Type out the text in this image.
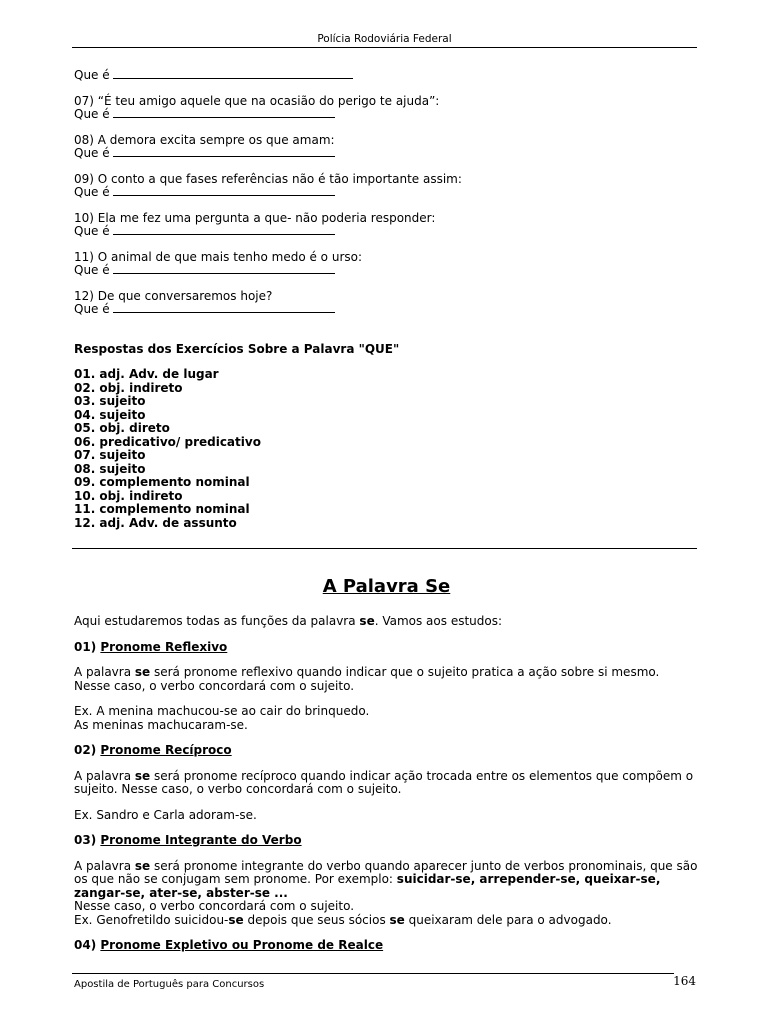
Polícia Rodoviária Federal

Que é

07) “É teu amigo aquele que na ocasião do perigo te ajuda”:
Que é

08) A demora excita sempre os que amam:
Que é

09) O conto a que fases referências não é tão importante assim:
Que é

10) Ela me fez uma pergunta a que- não poderia responder:
Que é

11) O animal de que mais tenho medo é o urso:
Que é

12) De que conversaremos hoje?
Que é

Respostas dos Exercícios Sobre a Palavra "QUE"
01. adj. Adv. de lugar
02. obj. indireto
03. sujeito
04. sujeito
05. obj. direto
06. predicativo/ predicativo
07. sujeito
08. sujeito
09. complemento nominal
10. obj. indireto
11. complemento nominal
12. adj. Adv. de assunto
A Palavra Se

Aqui estudaremos todas as funções da palavra se. Vamos aos estudos:

01) Pronome Reflexivo

A palavra se será pronome reflexivo quando indicar que o sujeito pratica a ação sobre si mesmo. Nesse caso, o verbo concordará com o sujeito.

Ex. A menina machucou-se ao cair do brinquedo.

As meninas machucaram-se.

02) Pronome Recíproco

A palavra se será pronome recíproco quando indicar ação trocada entre os elementos que compõem o sujeito. Nesse caso, o verbo concordará com o sujeito.

Ex. Sandro e Carla adoram-se.

03) Pronome Integrante do Verbo

A palavra se será pronome integrante do verbo quando aparecer junto de verbos pronominais, que são os que não se conjugam sem pronome. Por exemplo: suicidar-se, arrepender-se, queixar-se, zangar-se, ater-se, abster-se ...

Nesse caso, o verbo concordará com o sujeito.

Ex. Genofretildo suicidou-se depois que seus sócios se queixaram dele para o advogado.

04) Pronome Expletivo ou Pronome de Realce

Apostila de Português para Concursos	164
